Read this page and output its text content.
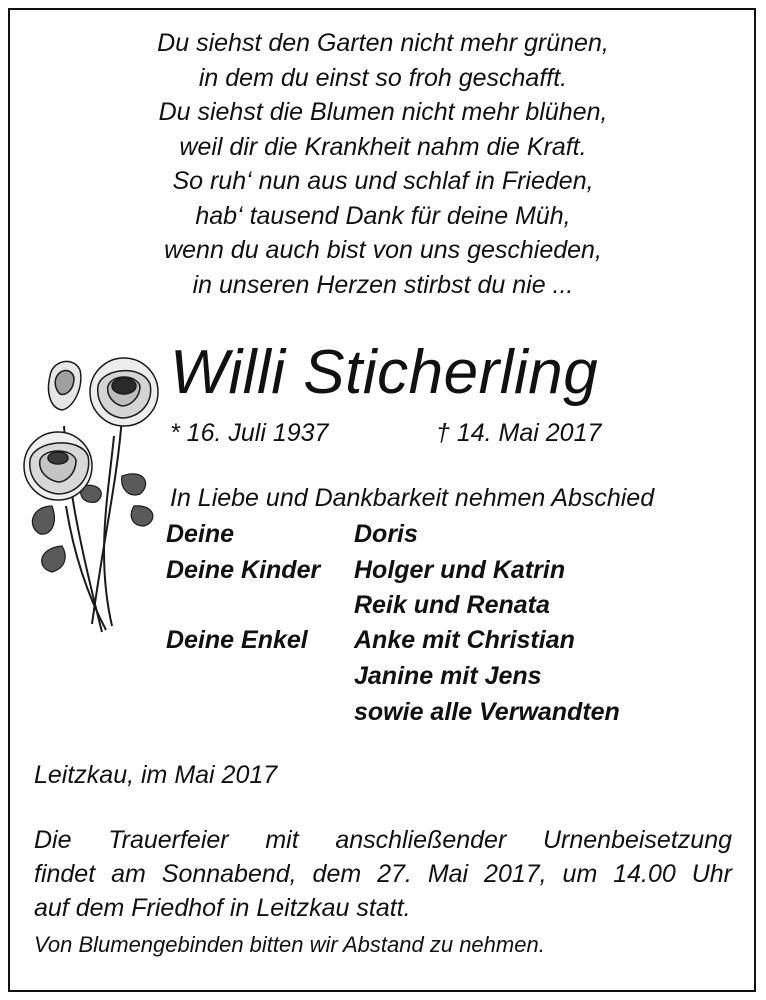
Du siehst den Garten nicht mehr grünen,
in dem du einst so froh geschafft.
Du siehst die Blumen nicht mehr blühen,
weil dir die Krankheit nahm die Kraft.
So ruh‘ nun aus und schlaf in Frieden,
hab‘ tausend Dank für deine Müh,
wenn du auch bist von uns geschieden,
in unseren Herzen stirbst du nie ...
Willi Sticherling
* 16. Juli 1937	† 14. Mai 2017
In Liebe und Dankbarkeit nehmen Abschied
Deine	Doris
Deine Kinder Holger und Katrin
Reik und Renata
Deine Enkel Anke mit Christian
Janine mit Jens
sowie alle Verwandten
Leitzkau, im Mai 2017
Die Trauerfeier mit anschließender Urnenbeisetzung
findet am Sonnabend, dem 27. Mai 2017, um 14.00 Uhr
auf dem Friedhof in Leitzkau statt.
Von Blumengebinden bitten wir Abstand zu nehmen.
